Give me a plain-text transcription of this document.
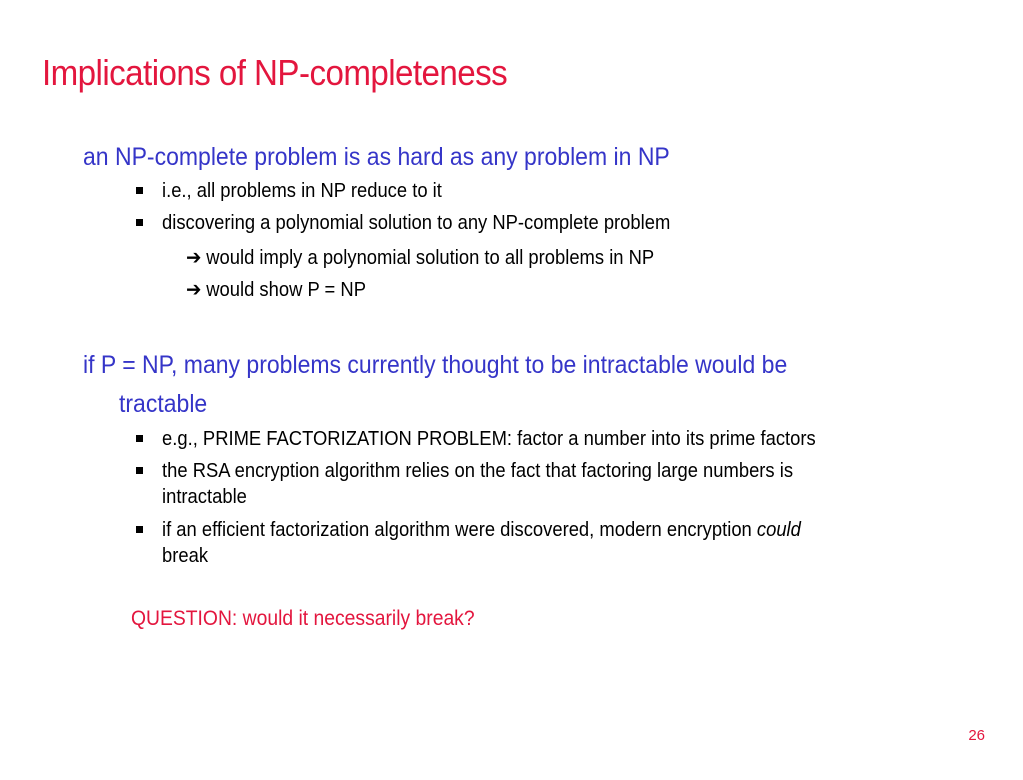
Implications of NP-completeness
an NP-complete problem is as hard as any problem in NP
i.e., all problems in NP reduce to it
discovering a polynomial solution to any NP-complete problem
➔ would imply a polynomial solution to all problems in NP
➔ would show P = NP
if P = NP, many problems currently thought to be intractable would be
tractable
e.g., PRIME FACTORIZATION PROBLEM: factor a number into its prime factors
the RSA encryption algorithm relies on the fact that factoring large numbers is
intractable
if an efficient factorization algorithm were discovered, modern encryption could
break
QUESTION: would it necessarily break?
26
